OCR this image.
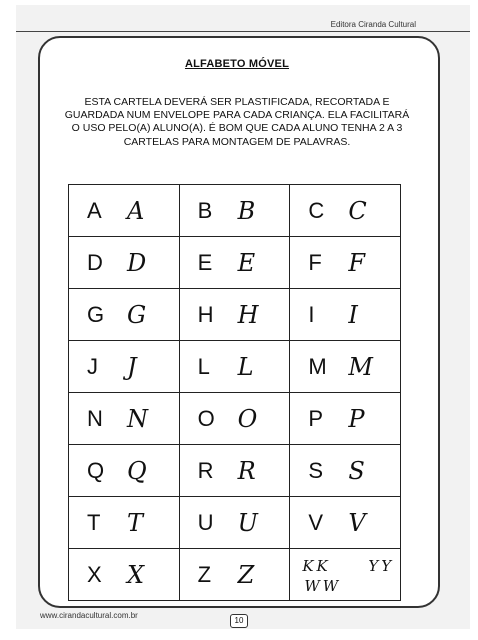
Editora Ciranda Cultural
ALFABETO MÓVEL
ESTA CARTELA DEVERÁ SER PLASTIFICADA, RECORTADA E GUARDADA NUM ENVELOPE PARA CADA CRIANÇA. ELA FACILITARÁ O USO PELO(A) ALUNO(A). É BOM QUE CADA ALUNO TENHA 2 A 3 CARTELAS PARA MONTAGEM DE PALAVRAS.
A A	B B	C C

D D	E E	F F

G G	H H	I I

J J	L L	M M

N N	O O	P P

Q Q	R R	S S

T T	U U	V V

X X	Z Z	KK YY
WW
www.cirandacultural.com.br
10
